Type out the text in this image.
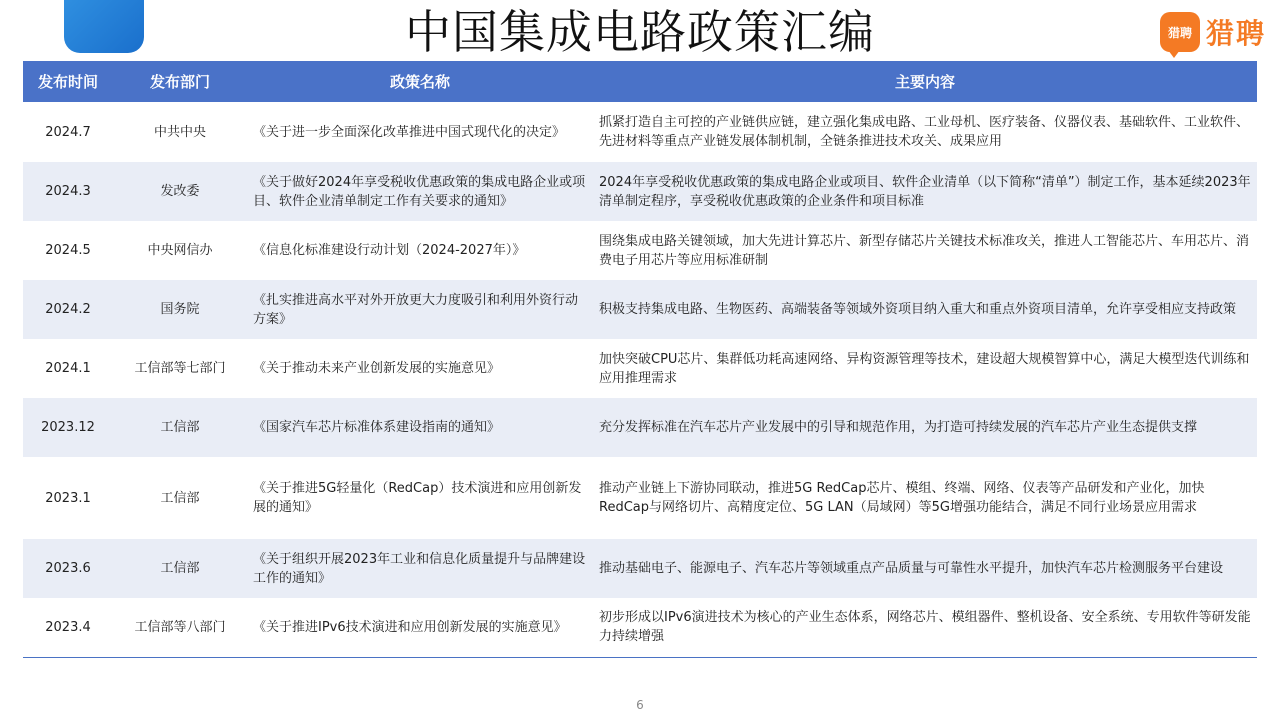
中国集成电路政策汇编	猎聘 猎聘
发布时间	发布部门	政策名称	主要内容
2024.7	中共中央	《关于进一步全面深化改革推进中国式现代化的决定》	抓紧打造自主可控的产业链供应链，建立强化集成电路、工业母机、医疗装备、仪器仪表、基础软件、工业软件、先进材料等重点产业链发展体制机制，全链条推进技术攻关、成果应用
2024.3	发改委	《关于做好2024年享受税收优惠政策的集成电路企业或项目、软件企业清单制定工作有关要求的通知》	2024年享受税收优惠政策的集成电路企业或项目、软件企业清单（以下简称“清单”）制定工作，基本延续2023年清单制定程序，享受税收优惠政策的企业条件和项目标准
2024.5	中央网信办	《信息化标准建设行动计划（2024-2027年）》	围绕集成电路关键领域，加大先进计算芯片、新型存储芯片关键技术标准攻关，推进人工智能芯片、车用芯片、消费电子用芯片等应用标准研制
2024.2	国务院	《扎实推进高水平对外开放更大力度吸引和利用外资行动方案》	积极支持集成电路、生物医药、高端装备等领域外资项目纳入重大和重点外资项目清单，允许享受相应支持政策
2024.1	工信部等七部门	《关于推动未来产业创新发展的实施意见》	加快突破CPU芯片、集群低功耗高速网络、异构资源管理等技术，建设超大规模智算中心，满足大模型迭代训练和应用推理需求
2023.12	工信部	《国家汽车芯片标准体系建设指南的通知》	充分发挥标准在汽车芯片产业发展中的引导和规范作用，为打造可持续发展的汽车芯片产业生态提供支撑
2023.1	工信部	《关于推进5G轻量化（RedCap）技术演进和应用创新发展的通知》	推动产业链上下游协同联动，推进5G RedCap芯片、模组、终端、网络、仪表等产品研发和产业化，加快RedCap与网络切片、高精度定位、5G LAN（局域网）等5G增强功能结合，满足不同行业场景应用需求
2023.6	工信部	《关于组织开展2023年工业和信息化质量提升与品牌建设工作的通知》	推动基础电子、能源电子、汽车芯片等领域重点产品质量与可靠性水平提升，加快汽车芯片检测服务平台建设
2023.4	工信部等八部门	《关于推进IPv6技术演进和应用创新发展的实施意见》	初步形成以IPv6演进技术为核心的产业生态体系，网络芯片、模组器件、整机设备、安全系统、专用软件等研发能力持续增强
6
